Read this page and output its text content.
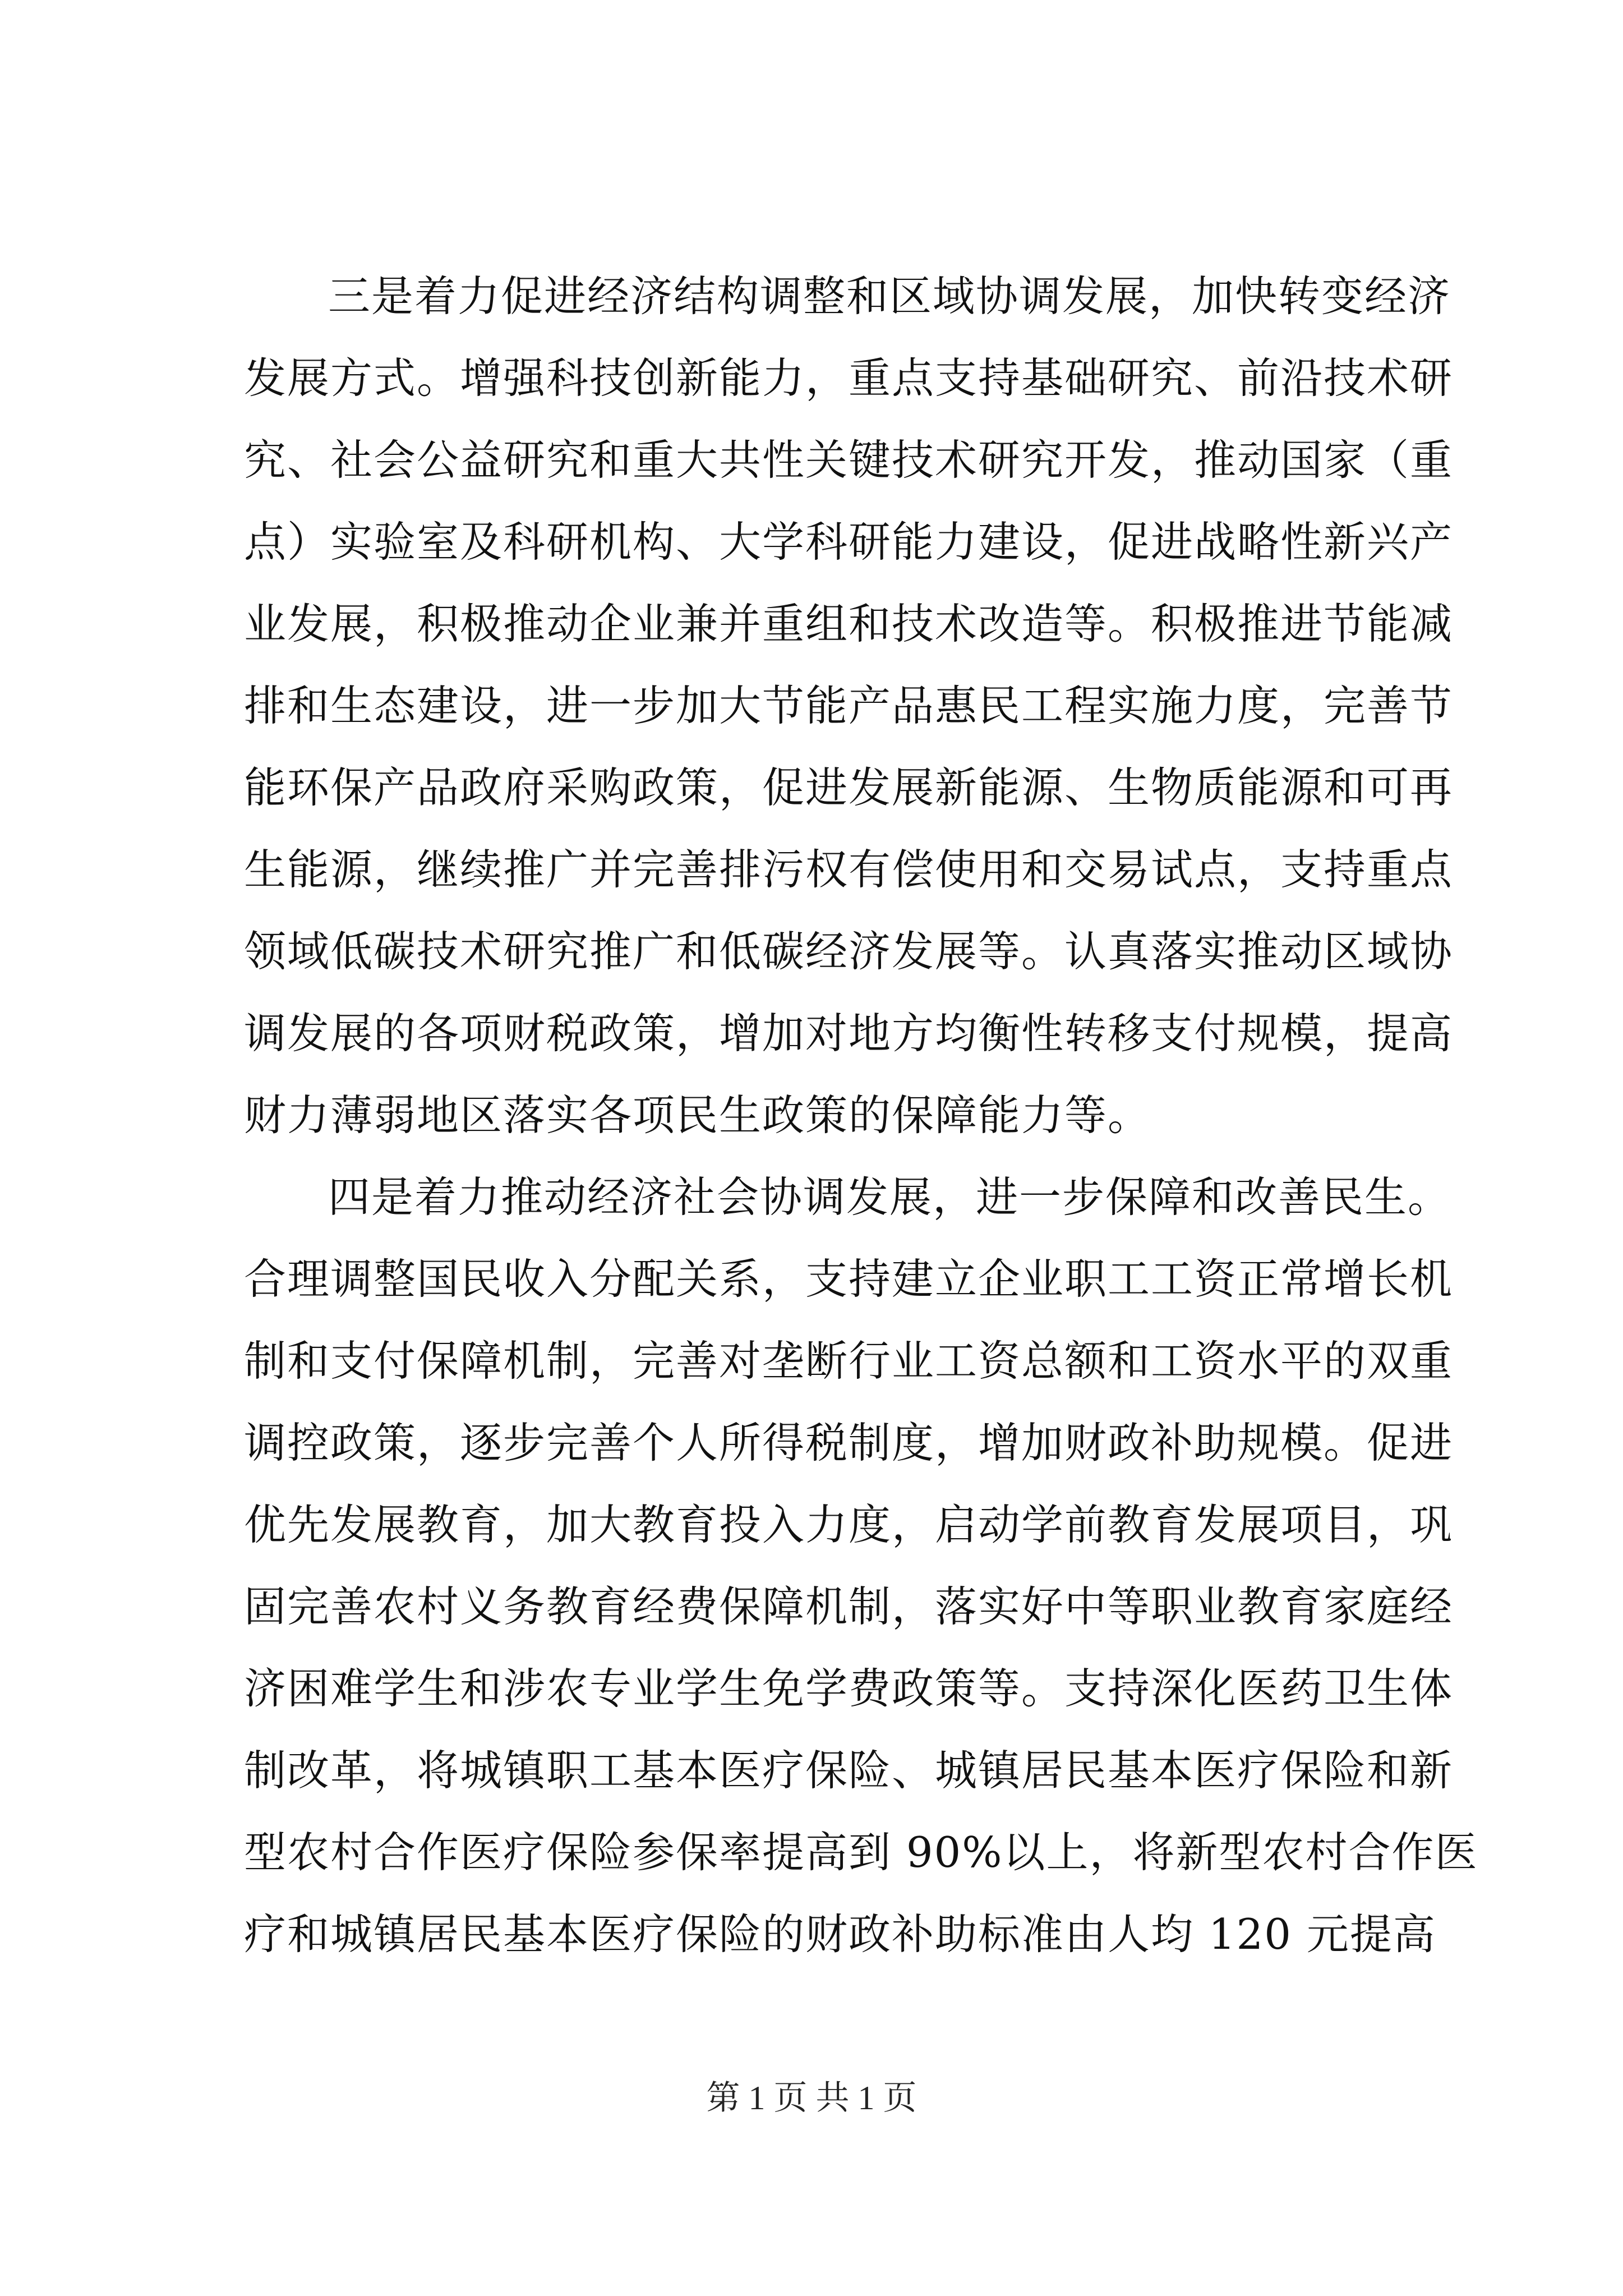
三是着力促进经济结构调整和区域协调发展，加快转变经济
发展方式。增强科技创新能力，重点支持基础研究、前沿技术研
究、社会公益研究和重大共性关键技术研究开发，推动国家（重
点）实验室及科研机构、大学科研能力建设，促进战略性新兴产
业发展，积极推动企业兼并重组和技术改造等。积极推进节能减
排和生态建设，进一步加大节能产品惠民工程实施力度，完善节
能环保产品政府采购政策，促进发展新能源、生物质能源和可再
生能源，继续推广并完善排污权有偿使用和交易试点，支持重点
领域低碳技术研究推广和低碳经济发展等。认真落实推动区域协
调发展的各项财税政策，增加对地方均衡性转移支付规模，提高
财力薄弱地区落实各项民生政策的保障能力等。
四是着力推动经济社会协调发展，进一步保障和改善民生。
合理调整国民收入分配关系，支持建立企业职工工资正常增长机
制和支付保障机制，完善对垄断行业工资总额和工资水平的双重
调控政策，逐步完善个人所得税制度，增加财政补助规模。促进
优先发展教育，加大教育投入力度，启动学前教育发展项目，巩
固完善农村义务教育经费保障机制，落实好中等职业教育家庭经
济困难学生和涉农专业学生免学费政策等。支持深化医药卫生体
制改革，将城镇职工基本医疗保险、城镇居民基本医疗保险和新
型农村合作医疗保险参保率提高到 90%以上，将新型农村合作医
疗和城镇居民基本医疗保险的财政补助标准由人均 120 元提高
第 1 页 共 1 页
